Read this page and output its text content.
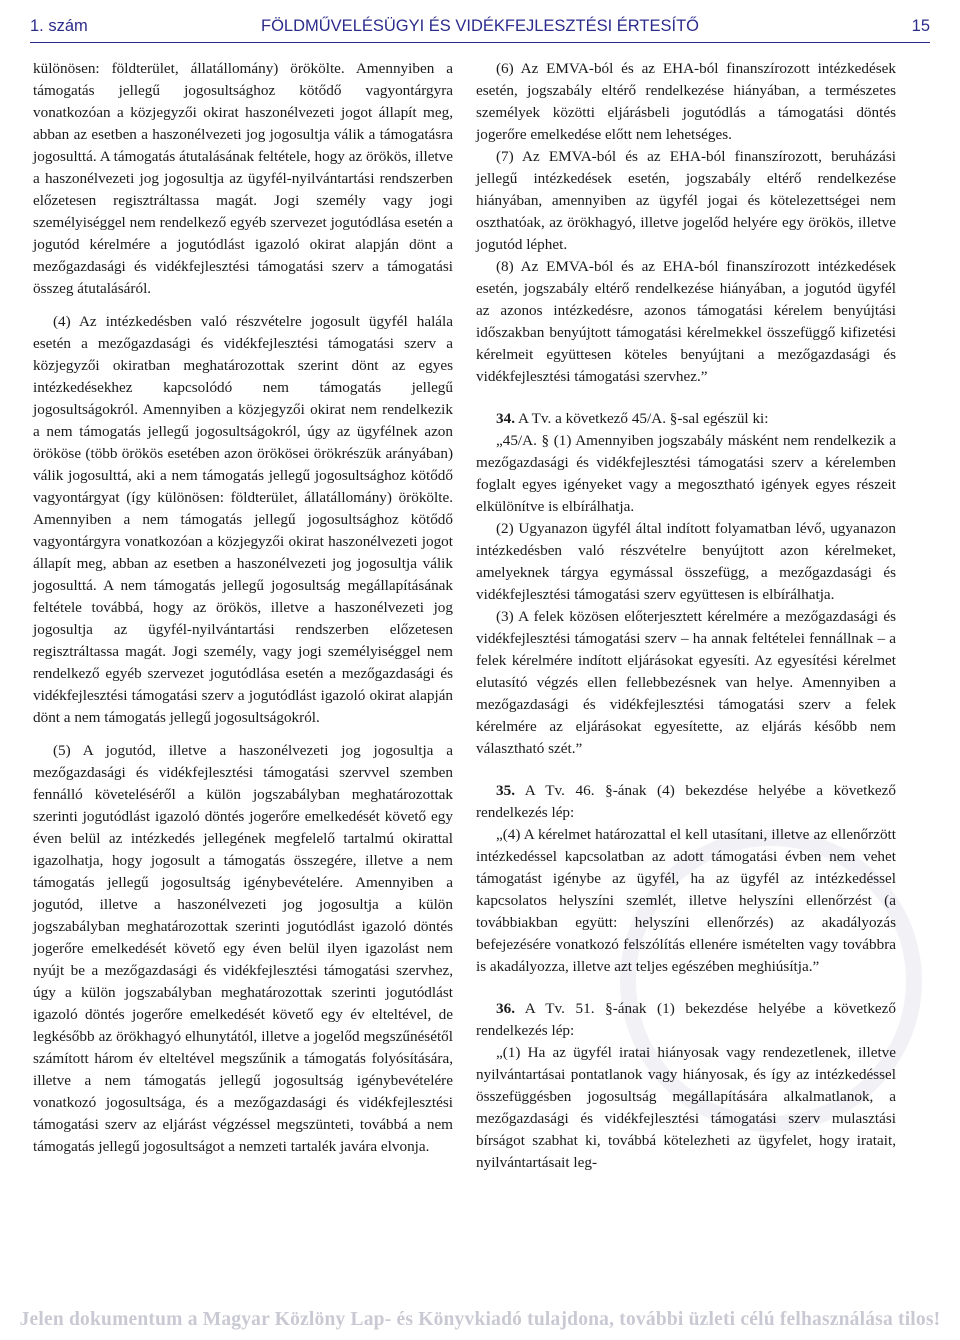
1. szám	FÖLDMŰVELÉSÜGYI ÉS VIDÉKFEJLESZTÉSI ÉRTESÍTŐ	15

különösen: földterület, állatállomány) örökölte. Amennyiben a támogatás jellegű jogosultsághoz kötődő vagyontárgyra vonatkozóan a közjegyzői okirat haszonélvezeti jogot állapít meg, abban az esetben a haszonélvezeti jog jogosultja válik a támogatásra jogosulttá. A támogatás átutalásának feltétele, hogy az örökös, illetve a haszonélvezeti jog jogosultja az ügyfél-nyilvántartási rendszerben előzetesen regisztráltassa magát. Jogi személy vagy jogi személyiséggel nem rendelkező egyéb szervezet jogutódlása esetén a jogutód kérelmére a jogutódlást igazoló okirat alapján dönt a mezőgazdasági és vidékfejlesztési támogatási szerv a támogatási összeg átutalásáról.

(4) Az intézkedésben való részvételre jogosult ügyfél halála esetén a mezőgazdasági és vidékfejlesztési támogatási szerv a közjegyzői okiratban meghatározottak szerint dönt az egyes intézkedésekhez kapcsolódó nem támogatás jellegű jogosultságokról. Amennyiben a közjegyzői okirat nem rendelkezik a nem támogatás jellegű jogosultságokról, úgy az ügyfélnek azon örököse (több örökös esetében azon örökösei örökrészük arányában) válik jogosulttá, aki a nem támogatás jellegű jogosultsághoz kötődő vagyontárgyat (így különösen: földterület, állatállomány) örökölte. Amennyiben a nem támogatás jellegű jogosultsághoz kötődő vagyontárgyra vonatkozóan a közjegyzői okirat haszonélvezeti jogot állapít meg, abban az esetben a haszonélvezeti jog jogosultja válik jogosulttá. A nem támogatás jellegű jogosultság megállapításának feltétele továbbá, hogy az örökös, illetve a haszonélvezeti jog jogosultja az ügyfél-nyilvántartási rendszerben előzetesen regisztráltassa magát. Jogi személy, vagy jogi személyiséggel nem rendelkező egyéb szervezet jogutódlása esetén a mezőgazdasági és vidékfejlesztési támogatási szerv a jogutódlást igazoló okirat alapján dönt a nem támogatás jellegű jogosultságokról.

(5) A jogutód, illetve a haszonélvezeti jog jogosultja a mezőgazdasági és vidékfejlesztési támogatási szervvel szemben fennálló követeléséről a külön jogszabályban meghatározottak szerinti jogutódlást igazoló döntés jogerőre emelkedését követő egy éven belül az intézkedés jellegének megfelelő tartalmú okirattal igazolhatja, hogy jogosult a támogatás összegére, illetve a nem támogatás jellegű jogosultság igénybevételére. Amennyiben a jogutód, illetve a haszonélvezeti jog jogosultja a külön jogszabályban meghatározottak szerinti jogutódlást igazoló döntés jogerőre emelkedését követő egy éven belül ilyen igazolást nem nyújt be a mezőgazdasági és vidékfejlesztési támogatási szervhez, úgy a külön jogszabályban meghatározottak szerinti jogutódlást igazoló döntés jogerőre emelkedését követő egy év elteltével, de legkésőbb az örökhagyó elhunytától, illetve a jogelőd megszűnésétől számított három év elteltével megszűnik a támogatás folyósítására, illetve a nem támogatás jellegű jogosultság igénybevételére vonatkozó jogosultsága, és a mezőgazdasági és vidékfejlesztési támogatási szerv az eljárást végzéssel megszünteti, továbbá a nem támogatás jellegű jogosultságot a nemzeti tartalék javára elvonja.

(6) Az EMVA-ból és az EHA-ból finanszírozott intézkedések esetén, jogszabály eltérő rendelkezése hiányában, a természetes személyek közötti eljárásbeli jogutódlás a támogatási döntés jogerőre emelkedése előtt nem lehetséges.

(7) Az EMVA-ból és az EHA-ból finanszírozott, beruházási jellegű intézkedések esetén, jogszabály eltérő rendelkezése hiányában, amennyiben az ügyfél jogai és kötelezettségei nem oszthatóak, az örökhagyó, illetve jogelőd helyére egy örökös, illetve jogutód léphet.

(8) Az EMVA-ból és az EHA-ból finanszírozott intézkedések esetén, jogszabály eltérő rendelkezése hiányában, a jogutód ügyfél az azonos intézkedésre, azonos támogatási kérelem benyújtási időszakban benyújtott támogatási kérelmekkel összefüggő kifizetési kérelmeit együttesen köteles benyújtani a mezőgazdasági és vidékfejlesztési támogatási szervhez.”

34. A Tv. a következő 45/A. §-sal egészül ki:

„45/A. § (1) Amennyiben jogszabály másként nem rendelkezik a mezőgazdasági és vidékfejlesztési támogatási szerv a kérelemben foglalt egyes igényeket vagy a megosztható igények egyes részeit elkülönítve is elbírálhatja.

(2) Ugyanazon ügyfél által indított folyamatban lévő, ugyanazon intézkedésben való részvételre benyújtott azon kérelmeket, amelyeknek tárgya egymással összefügg, a mezőgazdasági és vidékfejlesztési támogatási szerv együttesen is elbírálhatja.

(3) A felek közösen előterjesztett kérelmére a mezőgazdasági és vidékfejlesztési támogatási szerv – ha annak feltételei fennállnak – a felek kérelmére indított eljárásokat egyesíti. Az egyesítési kérelmet elutasító végzés ellen fellebbezésnek van helye. Amennyiben a mezőgazdasági és vidékfejlesztési támogatási szerv a felek kérelmére az eljárásokat egyesítette, az eljárás később nem választható szét.”

35. A Tv. 46. §-ának (4) bekezdése helyébe a következő rendelkezés lép:

„(4) A kérelmet határozattal el kell utasítani, illetve az ellenőrzött intézkedéssel kapcsolatban az adott támogatási évben nem vehet támogatást igénybe az ügyfél, ha az ügyfél az intézkedéssel kapcsolatos helyszíni szemlét, illetve helyszíni ellenőrzést (a továbbiakban együtt: helyszíni ellenőrzés) az akadályozás befejezésére vonatkozó felszólítás ellenére ismételten vagy továbbra is akadályozza, illetve azt teljes egészében meghiúsítja.”

36. A Tv. 51. §-ának (1) bekezdése helyébe a következő rendelkezés lép:

„(1) Ha az ügyfél iratai hiányosak vagy rendezetlenek, illetve nyilvántartásai pontatlanok vagy hiányosak, és így az intézkedéssel összefüggésben jogosultság megállapítására alkalmatlanok, a mezőgazdasági és vidékfejlesztési támogatási szerv mulasztási bírságot szabhat ki, továbbá kötelezheti az ügyfelet, hogy iratait, nyilvántartásait leg-

Jelen dokumentum a Magyar Közlöny Lap- és Könyvkiadó tulajdona, további üzleti célú felhasználása tilos!
